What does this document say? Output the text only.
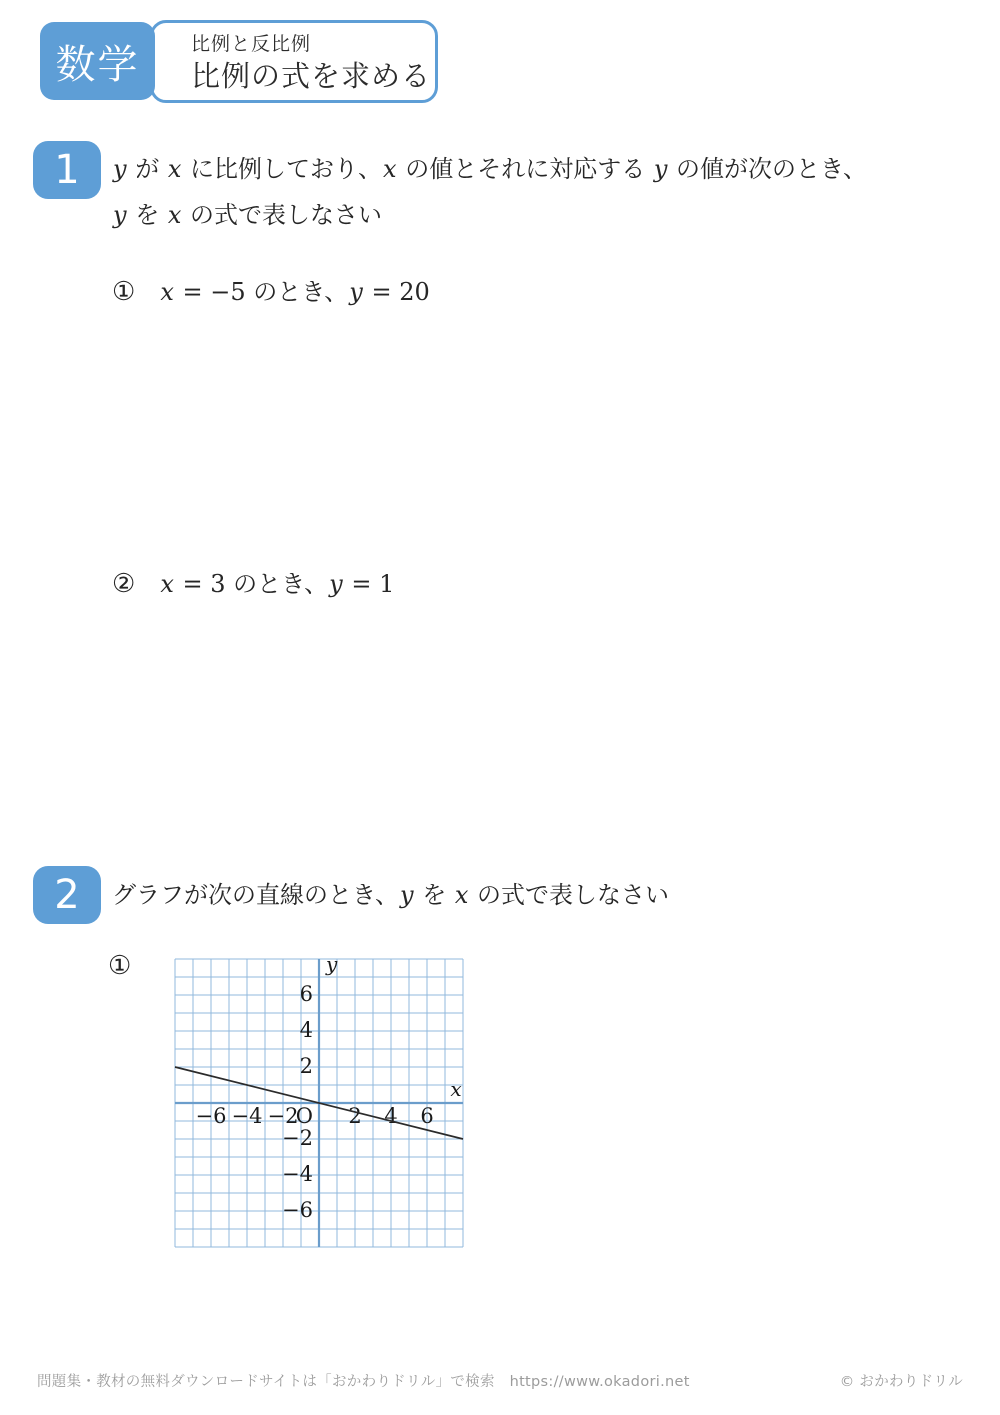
比例と反比例
比例の式を求める
数学
1	y が x に比例しており、x の値とそれに対応する y の値が次のとき、
y を x の式で表しなさい
① x = −5 のとき、y = 20
② x = 3 のとき、y = 1
2	グラフが次の直線のとき、y を x の式で表しなさい
①
−6 −4 −2 2 4 6
6
4
2
−2
−4
−6
O
x
y
問題集・教材の無料ダウンロードサイトは「おかわりドリル」で検索　https://www.okadori.net	© おかわりドリル
